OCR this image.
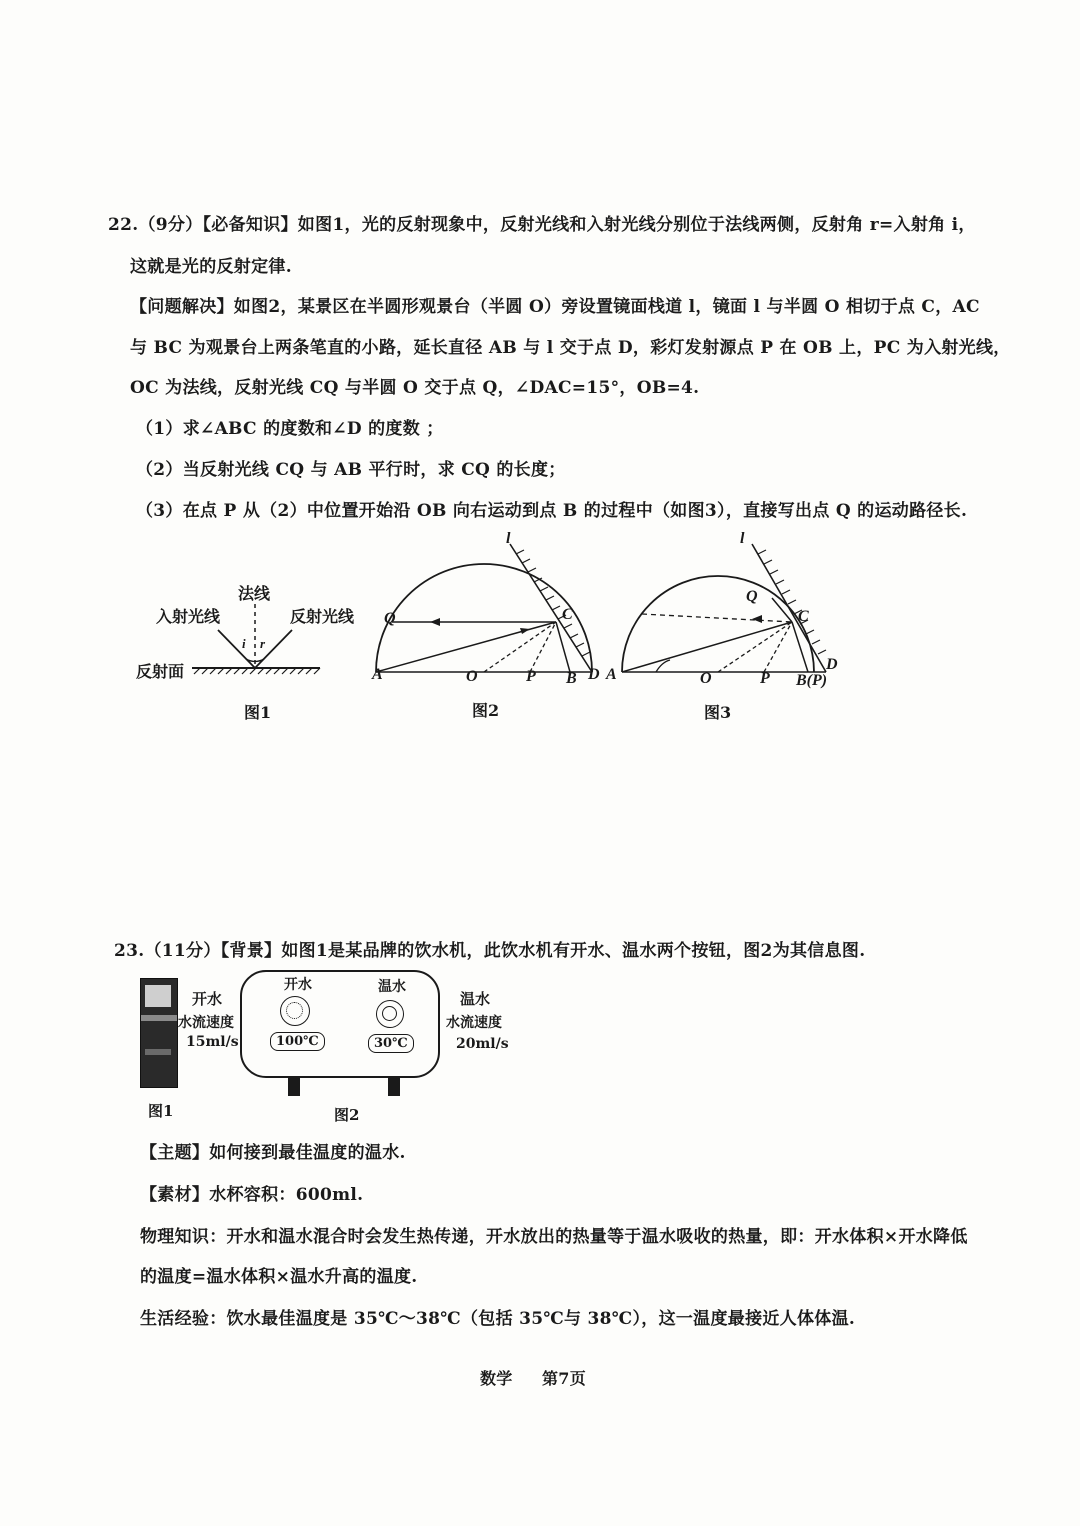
22.（9分）【必备知识】如图1，光的反射现象中，反射光线和入射光线分别位于法线两侧，反射角 r=入射角 i，
这就是光的反射定律.
【问题解决】如图2，某景区在半圆形观景台（半圆 O）旁设置镜面栈道 l，镜面 l 与半圆 O 相切于点 C，AC
与 BC 为观景台上两条笔直的小路，延长直径 AB 与 l 交于点 D，彩灯发射源点 P 在 OB 上，PC 为入射光线，
OC 为法线，反射光线 CQ 与半圆 O 交于点 Q，∠DAC=15°，OB=4.
（1）求∠ABC 的度数和∠D 的度数 ；
（2）当反射光线 CQ 与 AB 平行时，求 CQ 的长度；
（3）在点 P 从（2）中位置开始沿 OB 向右运动到点 B 的过程中（如图3），直接写出点 Q 的运动路径长.
法线
入射光线	反射光线
i r
反射面
图1
l
Q	C
A	O	P B D
图2
l
Q
C
A	O	P B(P)
D
图3
23.（11分）【背景】如图1是某品牌的饮水机，此饮水机有开水、温水两个按钮，图2为其信息图.
图1
开水
水流速度
15ml/s
开水
100℃
温水
30℃
图2
温水
水流速度
20ml/s
【主题】如何接到最佳温度的温水.
【素材】水杯容积：600ml.
物理知识：开水和温水混合时会发生热传递，开水放出的热量等于温水吸收的热量，即：开水体积×开水降低
的温度=温水体积×温水升高的温度.
生活经验：饮水最佳温度是 35℃～38℃（包括 35℃与 38℃），这一温度最接近人体体温.
数学 第7页
